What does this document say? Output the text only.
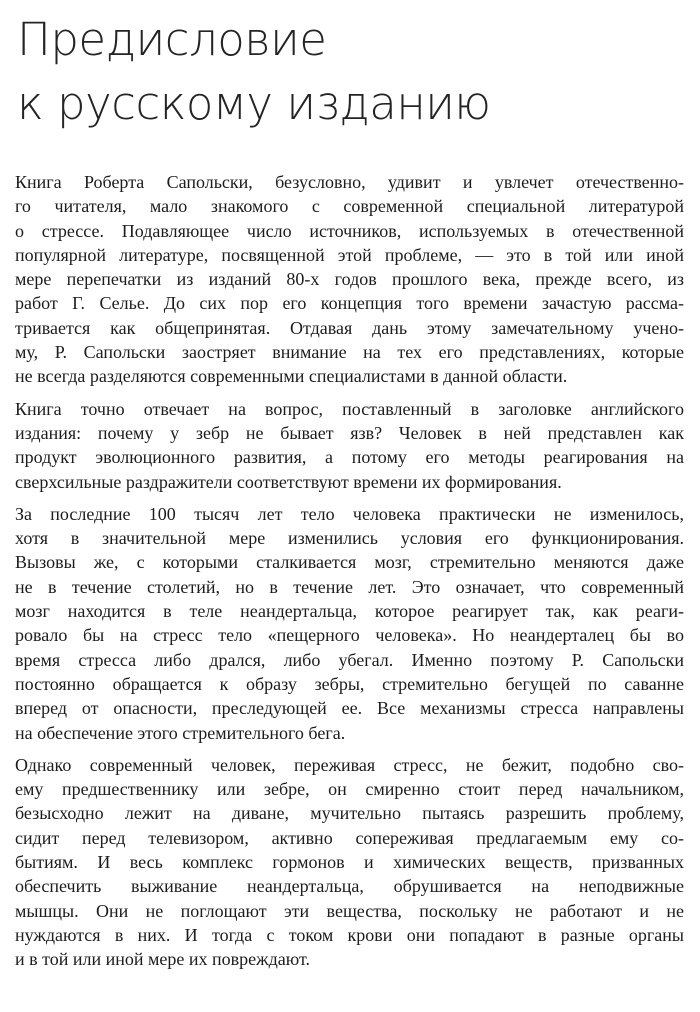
Предисловие
к русскому изданию

Книга Роберта Сапольски, безусловно, удивит и увлечет отечественно-
го читателя, мало знакомого с современной специальной литературой
о стрессе. Подавляющее число источников, используемых в отечественной
популярной литературе, посвященной этой проблеме, — это в той или иной
мере перепечатки из изданий 80-х годов прошлого века, прежде всего, из
работ Г. Селье. До сих пор его концепция того времени зачастую рассма-
тривается как общепринятая. Отдавая дань этому замечательному учено-
му, Р. Сапольски заостряет внимание на тех его представлениях, которые
не всегда разделяются современными специалистами в данной области.

Книга точно отвечает на вопрос, поставленный в заголовке английского
издания: почему у зебр не бывает язв? Человек в ней представлен как
продукт эволюционного развития, а потому его методы реагирования на
сверхсильные раздражители соответствуют времени их формирования.

За последние 100 тысяч лет тело человека практически не изменилось,
хотя в значительной мере изменились условия его функционирования.
Вызовы же, с которыми сталкивается мозг, стремительно меняются даже
не в течение столетий, но в течение лет. Это означает, что современный
мозг находится в теле неандертальца, которое реагирует так, как реаги-
ровало бы на стресс тело «пещерного человека». Но неандерталец бы во
время стресса либо дрался, либо убегал. Именно поэтому Р. Сапольски
постоянно обращается к образу зебры, стремительно бегущей по саванне
вперед от опасности, преследующей ее. Все механизмы стресса направлены
на обеспечение этого стремительного бега.

Однако современный человек, переживая стресс, не бежит, подобно сво-
ему предшественнику или зебре, он смиренно стоит перед начальником,
безысходно лежит на диване, мучительно пытаясь разрешить проблему,
сидит перед телевизором, активно сопереживая предлагаемым ему со-
бытиям. И весь комплекс гормонов и химических веществ, призванных
обеспечить выживание неандертальца, обрушивается на неподвижные
мышцы. Они не поглощают эти вещества, поскольку не работают и не
нуждаются в них. И тогда с током крови они попадают в разные органы
и в той или иной мере их повреждают.
